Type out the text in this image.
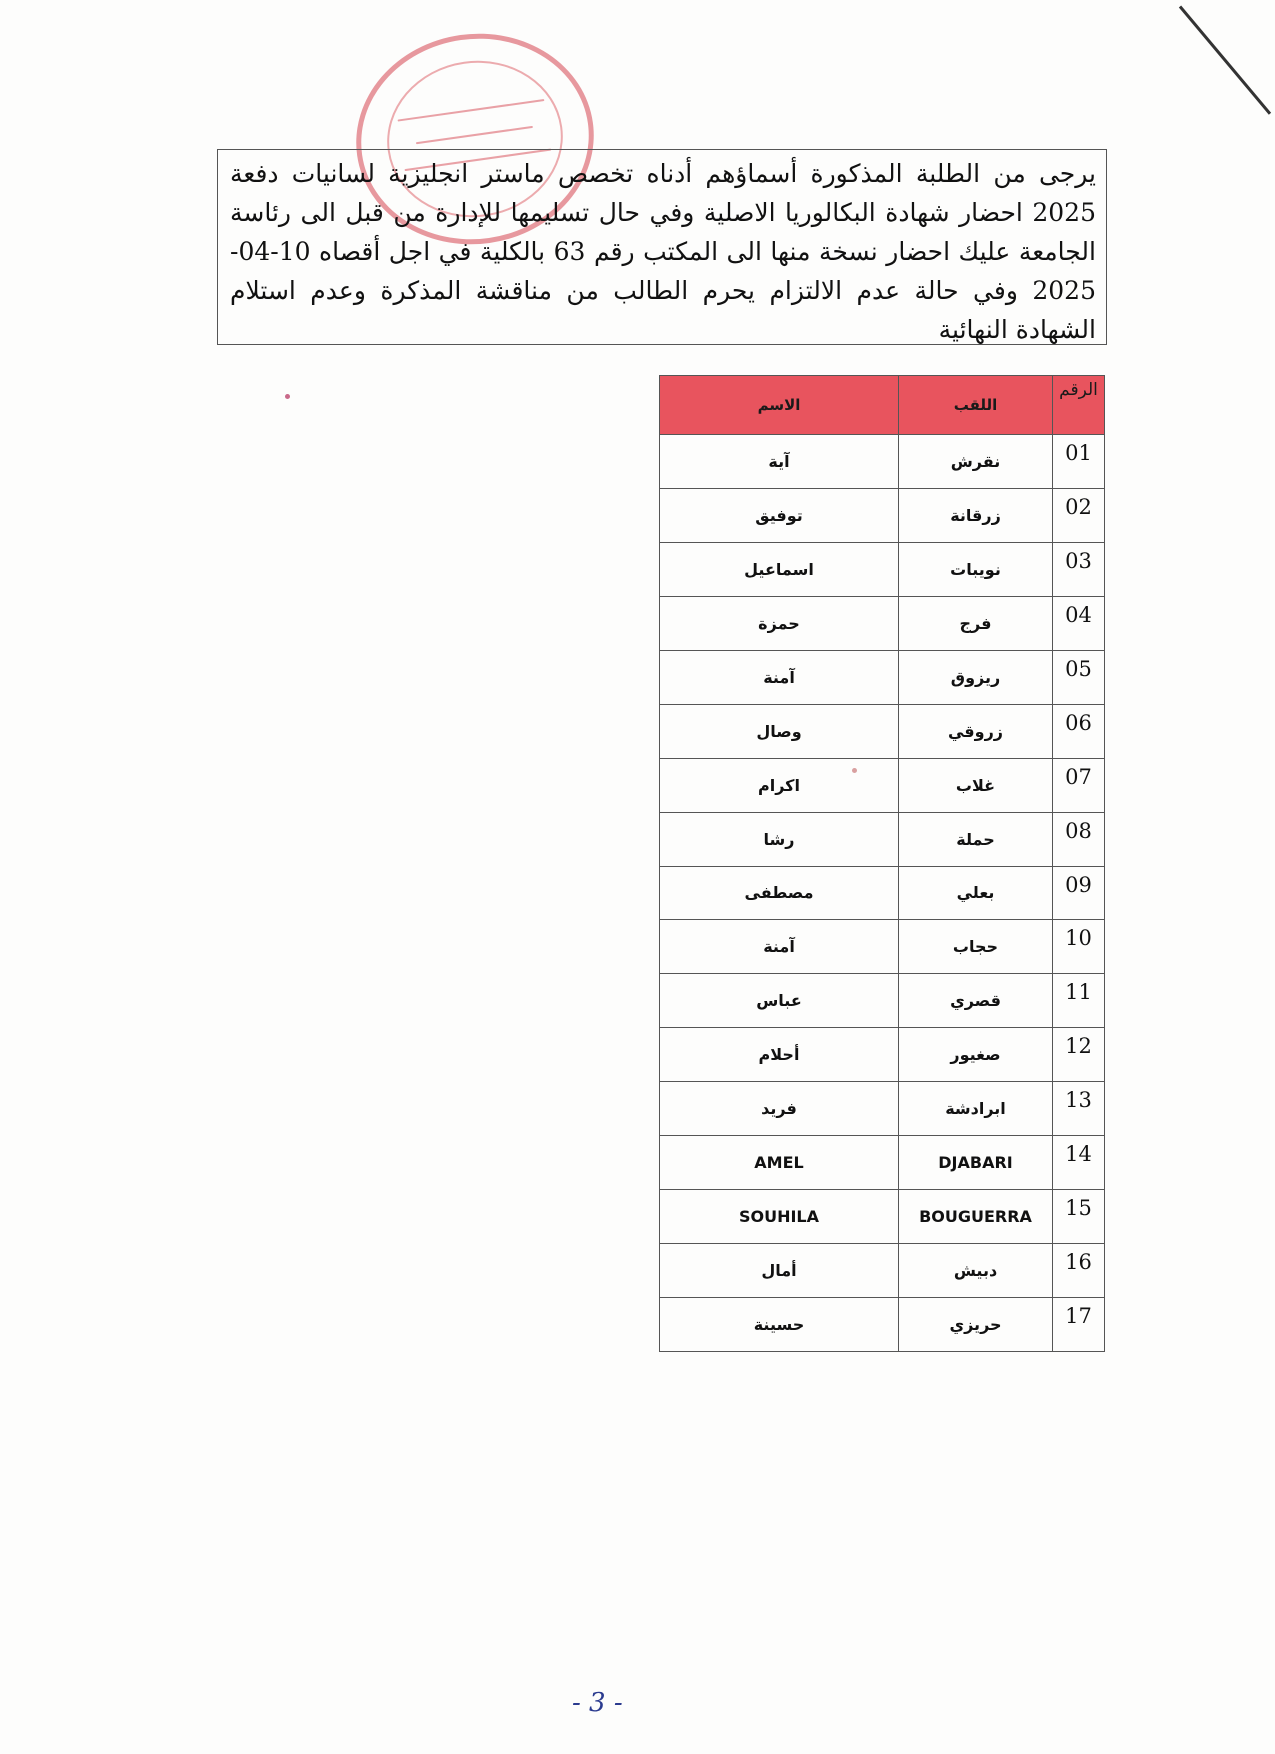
يرجى من الطلبة المذكورة أسماؤهم أدناه تخصص ماستر انجليزية لسانيات دفعة 2025 احضار شهادة البكالوريا الاصلية وفي حال تسليمها للإدارة من قبل الى رئاسة الجامعة عليك احضار نسخة منها الى المكتب رقم 63 بالكلية في اجل أقصاه 10-04-2025 وفي حالة عدم الالتزام يحرم الطالب من مناقشة المذكرة وعدم استلام الشهادة النهائية
الرقم	اللقب	الاسم
01	نقرش	آية
02	زرقانة	توفيق
03	نويبات	اسماعيل
04	فرج	حمزة
05	ريزوق	آمنة
06	زروقي	وصال
07	غلاب	اكرام
08	حملة	رشا
09	بعلي	مصطفى
10	حجاب	آمنة
11	قصري	عباس
12	صغيور	أحلام
13	ابرادشة	فريد
14	DJABARI	AMEL
15	BOUGUERRA	SOUHILA
16	دبيش	أمال
17	حريزي	حسينة
- 3 -
